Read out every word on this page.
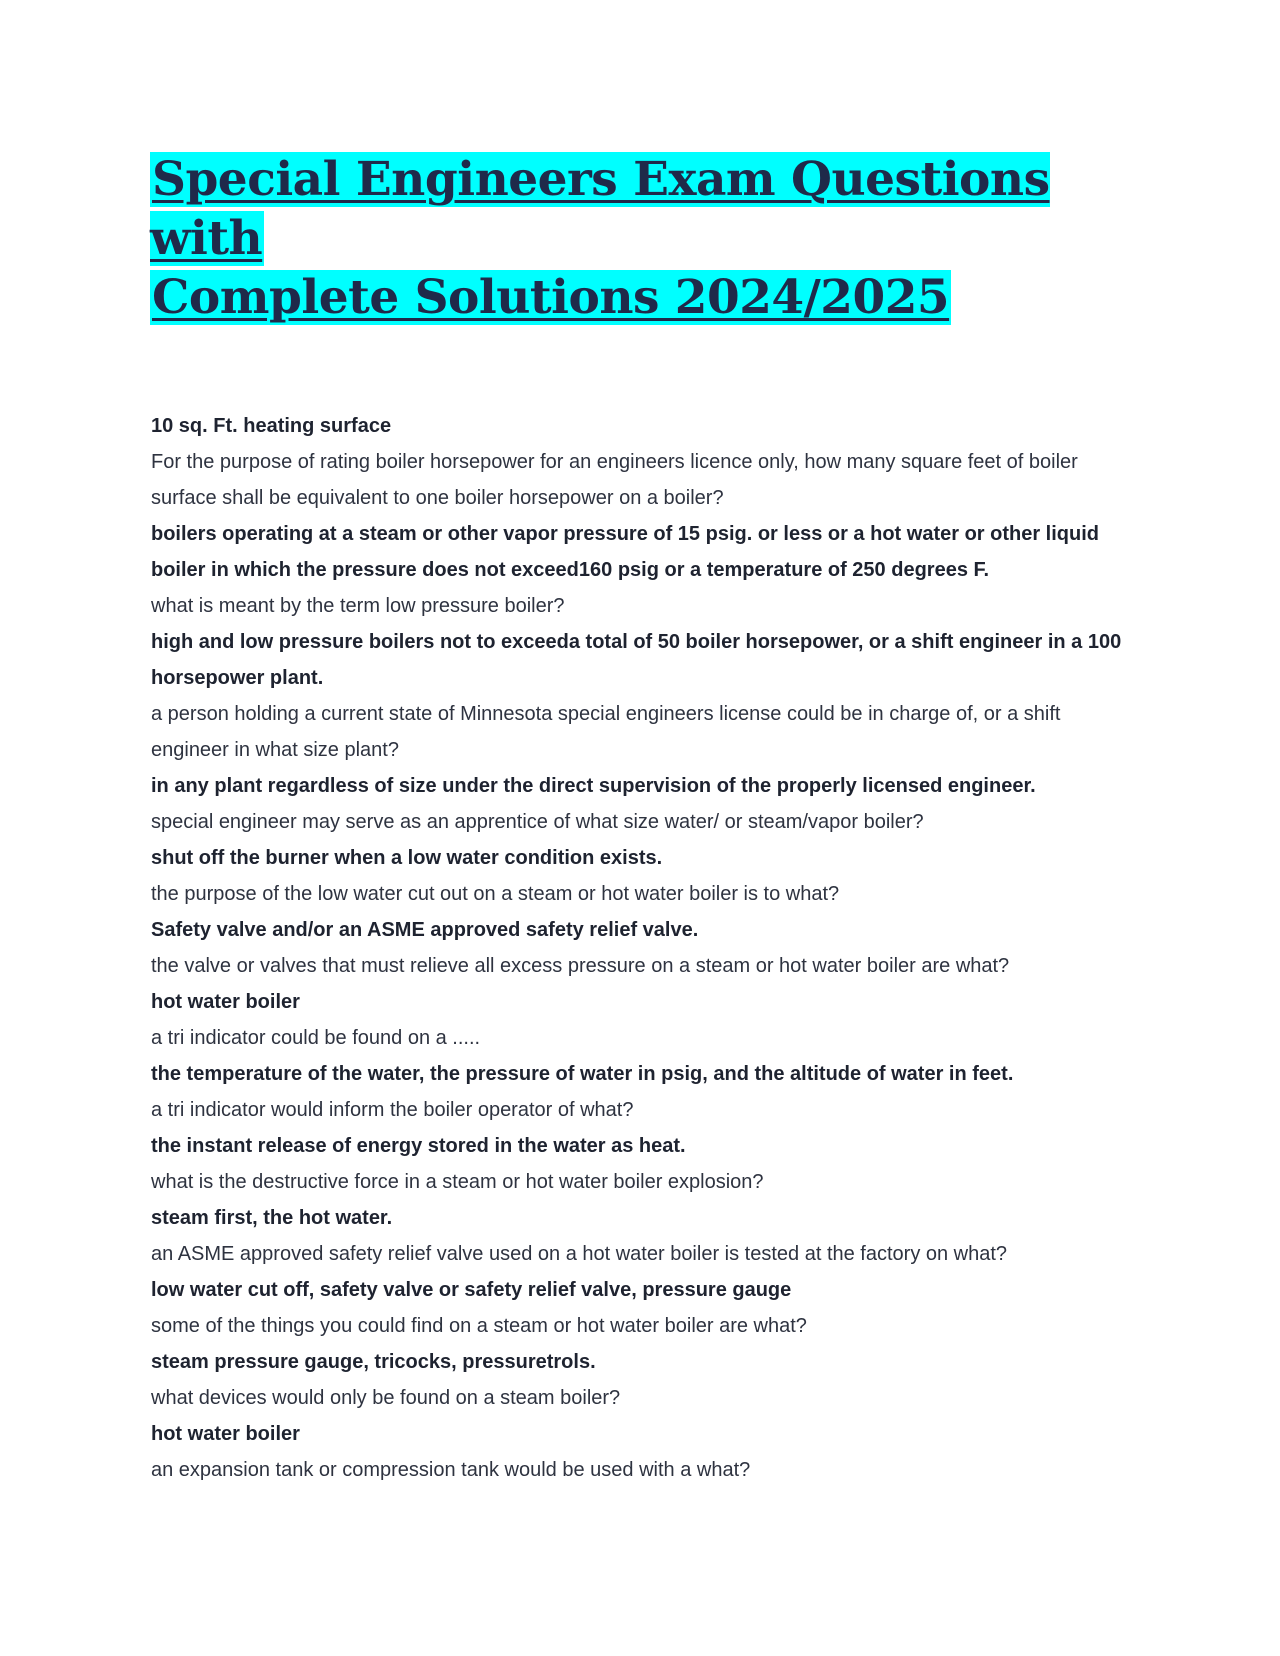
Special Engineers Exam Questions with
Complete Solutions 2024/2025

10 sq. Ft. heating surface

For the purpose of rating boiler horsepower for an engineers licence only, how many square feet of boiler surface shall be equivalent to one boiler horsepower on a boiler?

boilers operating at a steam or other vapor pressure of 15 psig. or less or a hot water or other liquid boiler in which the pressure does not exceed160 psig or a temperature of 250 degrees F.

what is meant by the term low pressure boiler?

high and low pressure boilers not to exceeda total of 50 boiler horsepower, or a shift engineer in a 100 horsepower plant.

a person holding a current state of Minnesota special engineers license could be in charge of, or a shift engineer in what size plant?

in any plant regardless of size under the direct supervision of the properly licensed engineer.

special engineer may serve as an apprentice of what size water/ or steam/vapor boiler?

shut off the burner when a low water condition exists.

the purpose of the low water cut out on a steam or hot water boiler is to what?

Safety valve and/or an ASME approved safety relief valve.

the valve or valves that must relieve all excess pressure on a steam or hot water boiler are what?

hot water boiler

a tri indicator could be found on a .....

the temperature of the water, the pressure of water in psig, and the altitude of water in feet.

a tri indicator would inform the boiler operator of what?

the instant release of energy stored in the water as heat.

what is the destructive force in a steam or hot water boiler explosion?

steam first, the hot water.

an ASME approved safety relief valve used on a hot water boiler is tested at the factory on what?

low water cut off, safety valve or safety relief valve, pressure gauge

some of the things you could find on a steam or hot water boiler are what?

steam pressure gauge, tricocks, pressuretrols.

what devices would only be found on a steam boiler?

hot water boiler

an expansion tank or compression tank would be used with a what?
